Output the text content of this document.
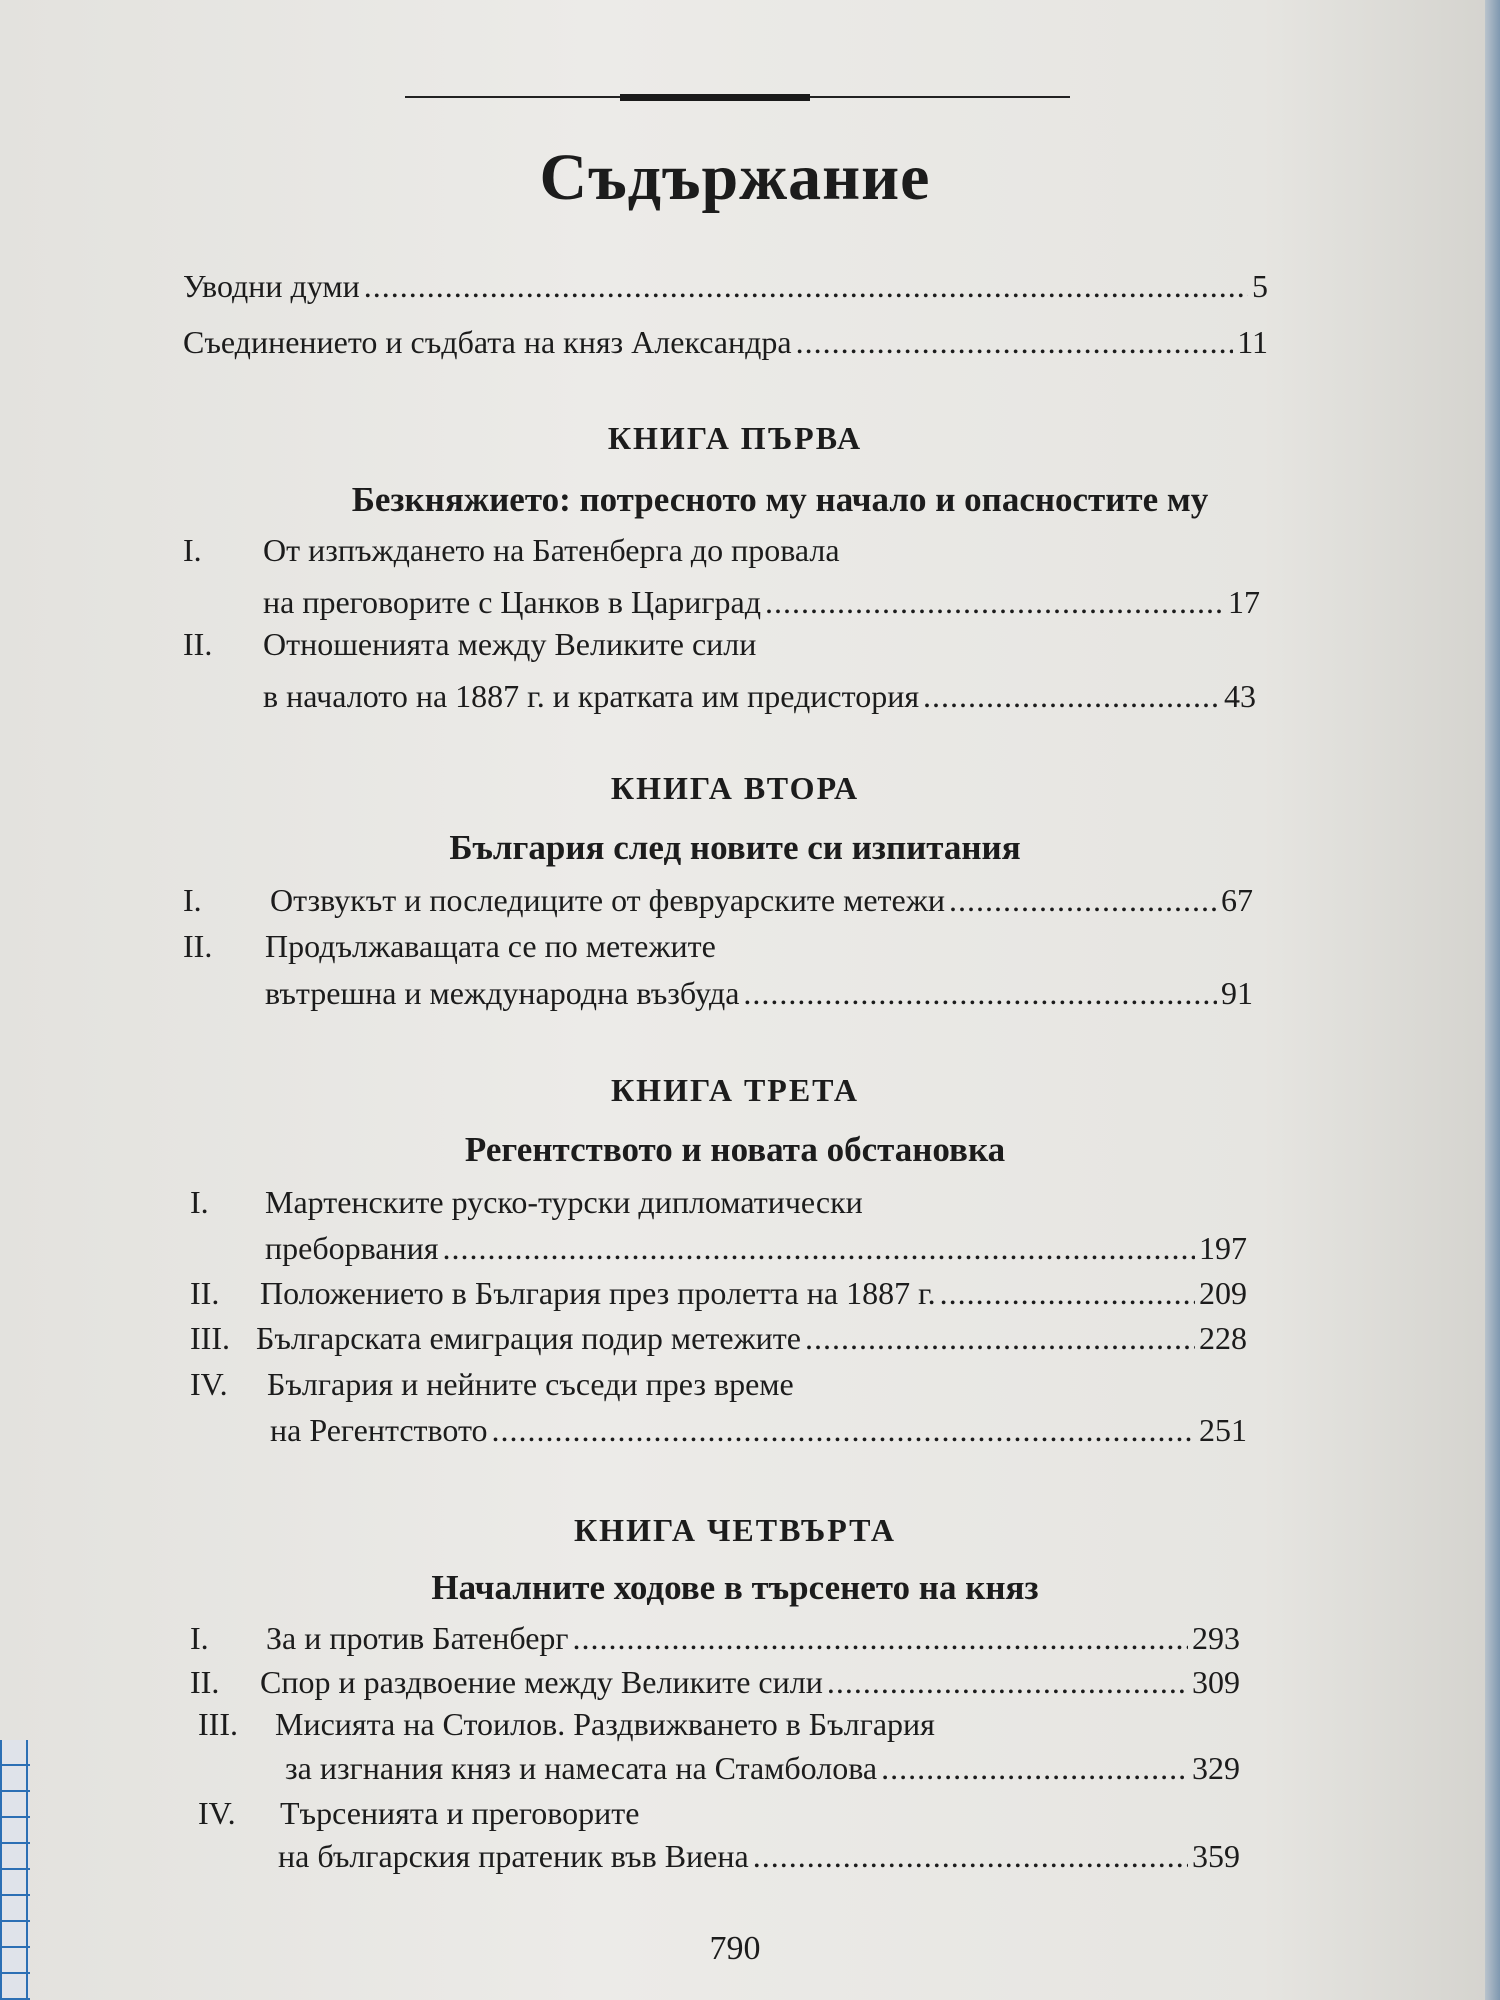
Съдържание
Уводни думи .....	5
Съединението и съдбата на княз Александра .....	11
КНИГА ПЪРВА
Безкняжието: потресното му начало и опасностите му
I. От изпъждането на Батенберга до провала
на преговорите с Цанков в Цариград .....	17
II. Отношенията между Великите сили
в началото на 1887 г. и кратката им предистория .....	43
КНИГА ВТОРА
България след новите си изпитания
I.	Отзвукът и последиците от февруарските метежи .....	67
II. Продължаващата се по метежите
вътрешна и международна възбуда .....	91
КНИГА ТРЕТА
Регентството и новата обстановка
I. Мартенските руско-турски дипломатически
преборвания .....	197
II.	Положението в България през пролетта на 1887 г. .....	209
III. Българската емиграция подир метежите .....	228
IV. България и нейните съседи през време
на Регентството .....	251
КНИГА ЧЕТВЪРТА
Началните ходове в търсенето на княз
I.	За и против Батенберг .....	293
II.	Спор и раздвоение между Великите сили .....	309
III. Мисията на Стоилов. Раздвижването в България
за изгнания княз и намесата на Стамболова .....	329
IV. Търсенията и преговорите
на българския пратеник във Виена .....	359
790
